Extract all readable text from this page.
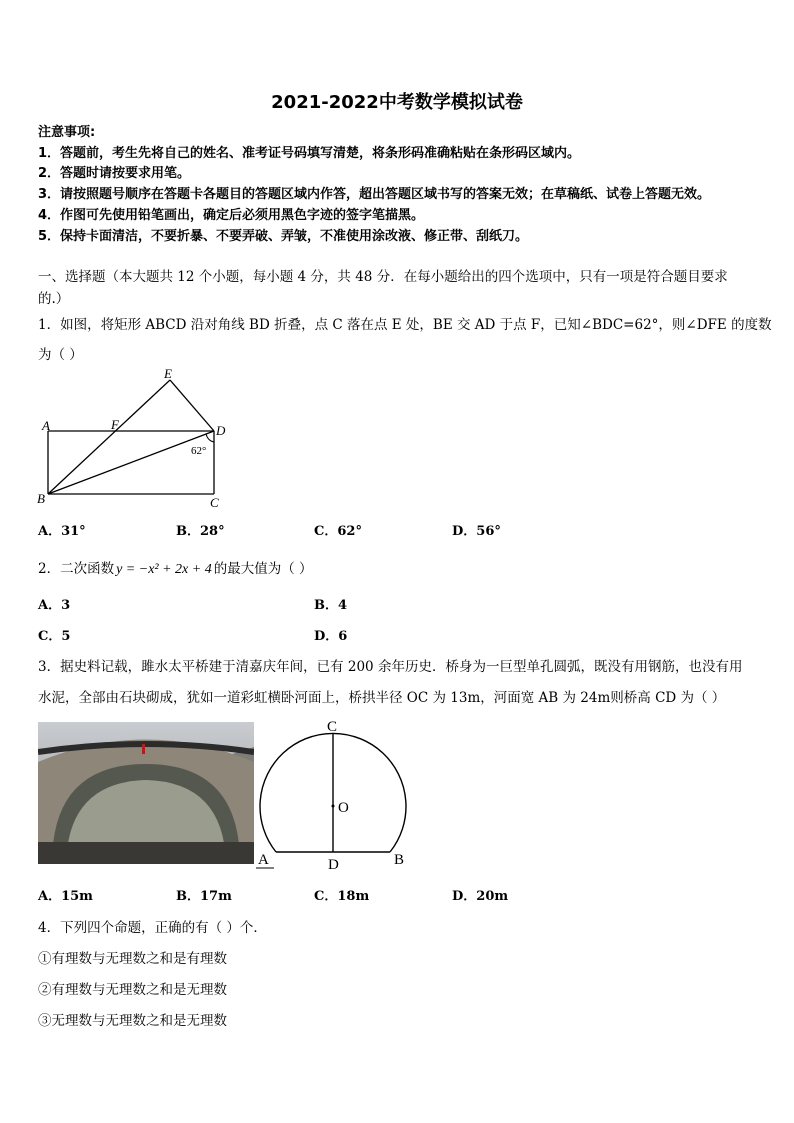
2021-2022中考数学模拟试卷
注意事项:
1．答题前，考生先将自己的姓名、准考证号码填写清楚，将条形码准确粘贴在条形码区域内。
2．答题时请按要求用笔。
3．请按照题号顺序在答题卡各题目的答题区域内作答，超出答题区域书写的答案无效；在草稿纸、试卷上答题无效。
4．作图可先使用铅笔画出，确定后必须用黑色字迹的签字笔描黑。
5．保持卡面清洁，不要折暴、不要弄破、弄皱，不准使用涂改液、修正带、刮纸刀。
一、选择题（本大题共 12 个小题，每小题 4 分，共 48 分．在每小题给出的四个选项中，只有一项是符合题目要求
的.）
1．如图，将矩形 ABCD 沿对角线 BD 折叠，点 C 落在点 E 处，BE 交 AD 于点 F，已知∠BDC=62°，则∠DFE 的度数
为（ ）
A
B	C
D
E
F
62°
A．31°	B．28°	C．62°	D．56°
2．二次函数 y = −x² + 2x + 4 的最大值为（ ）
A．3	B．4
C．5	D．6
3．据史料记载，雎水太平桥建于清嘉庆年间，已有 200 余年历史．桥身为一巨型单孔圆弧，既没有用钢筋，也没有用
水泥，全部由石块砌成，犹如一道彩虹横卧河面上，桥拱半径 OC 为 13m，河面宽 AB 为 24m则桥高 CD 为（ ）
C
O
D
A	B
A．15m	B．17m	C．18m	D．20m
4．下列四个命题，正确的有（ ）个．
①有理数与无理数之和是有理数
②有理数与无理数之和是无理数
③无理数与无理数之和是无理数
